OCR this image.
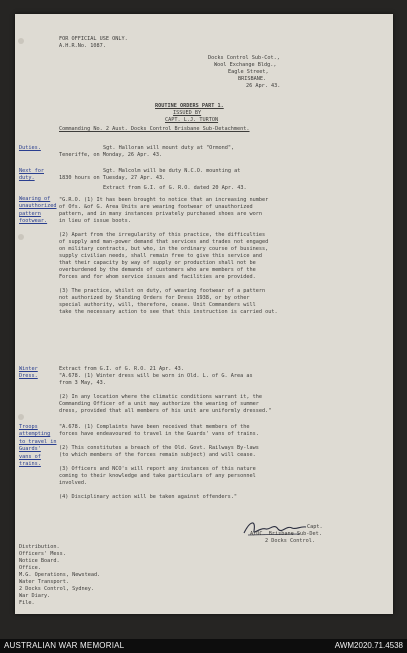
FOR OFFICIAL USE ONLY.
A.H.R.No. 1087.
Docks Control Sub-Cot.,
Wool Exchange Bldg.,
Eagle Street,
BRISBANE.
26 Apr. 43.
ROUTINE ORDERS PART 1.
ISSUED BY
CAPT. L.J. TURTON
Commanding No. 2 Aust. Docks Control Brisbane Sub-Detachment.
Duties.
Next for
duty.
Wearing of
unauthorized
pattern
footwear.
Winter
Dress.
Troops
attempting
to travel in
Guards'
vans of
trains.
Sgt. Halloran will mount duty at "Ormond",
Teneriffe, on Monday, 26 Apr. 43.
Sgt. Malcolm will be duty N.C.O. mounting at
1830 hours on Tuesday, 27 Apr. 43.
Extract from G.I. of G. R.O. dated 20 Apr. 43.
"G.R.O. (1) It has been brought to notice that an increasing number
of Ofs. &of G. Area Units are wearing footwear of unauthorized
pattern, and in many instances privately purchased shoes are worn
in lieu of issue boots.
(2) Apart from the irregularity of this practice, the difficulties
of supply and man-power demand that services and trades not engaged
on military contracts, but who, in the ordinary course of business,
supply civilian needs, shall remain free to give this service and
that their capacity by way of supply or production shall not be
overburdened by the demands of customers who are members of the
Forces and for whom service issues and facilities are provided.
(3) The practice, whilst on duty, of wearing footwear of a pattern
not authorized by Standing Orders for Dress 1938, or by other
special authority, will, therefore, cease. Unit Commanders will
take the necessary action to see that this instruction is carried out.
Extract from G.I. of G. R.O. 21 Apr. 43.
"A.678. (1) Winter dress will be worn in Old. L. of G. Area as
from 3 May, 43.
(2) In any location where the climatic conditions warrant it, the
Commanding Officer of a unit may authorize the wearing of summer
dress, provided that all members of his unit are uniformly dressed."
"A.678. (1) Complaints have been received that members of the
forces have endeavoured to travel in the Guards' vans of trains.
(2) This constitutes a breach of the Old. Govt. Railways By-laws
(to which members of the forces remain subject) and will cease.
(3) Officers and NCO's will report any instances of this nature
coming to their knowledge and take particulars of any personnel
involved.
(4) Disciplinary action will be taken against offenders."
Capt.
A/OC. Brisbane Sub-Det.
2 Docks Control.
Distribution.
Officers' Mess.
Notice Board.
Office.
M.G. Operations, Newstead.
Water Transport.
2 Docks Control, Sydney.
War Diary.
File.
AUSTRALIAN WAR MEMORIAL	AWM2020.71.4538
